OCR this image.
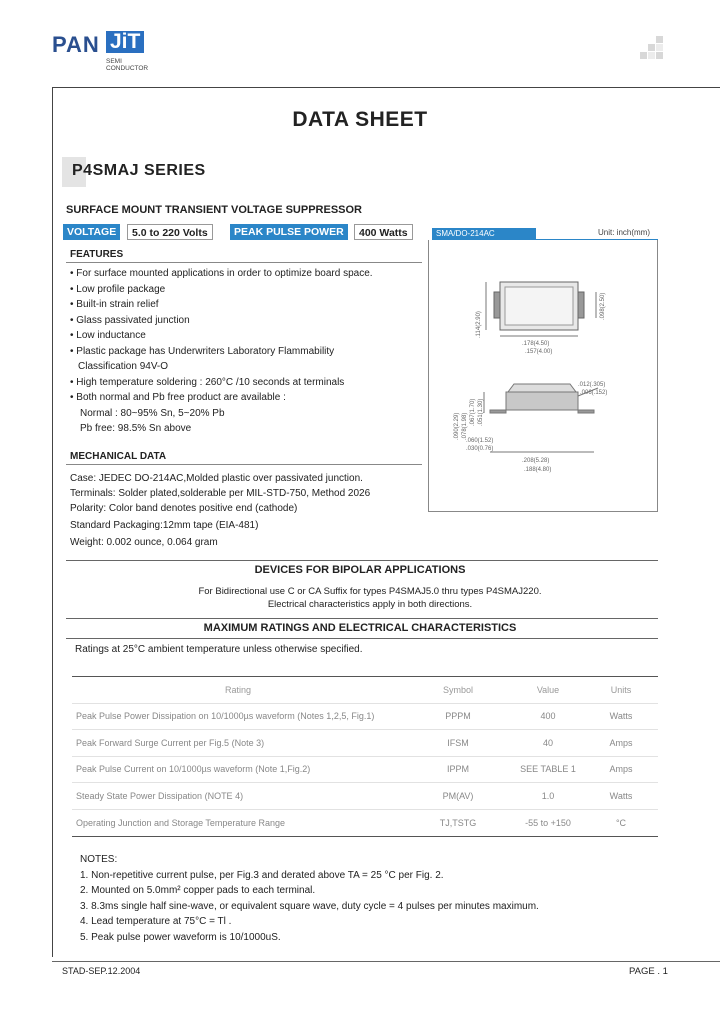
PAN JiT
SEMI
CONDUCTOR
DATA SHEET
P4SMAJ SERIES
SURFACE MOUNT TRANSIENT VOLTAGE SUPPRESSOR
VOLTAGE	5.0 to 220 Volts	PEAK PULSE POWER	400 Watts	SMA/DO-214AC	Unit: inch(mm)
.178(4.50)
.157(4.00)
.114(2.90)
.098(2.50)
.012(.305)
.006(.152)
.060(1.52)
.030(0.76)
.208(5.28)
.188(4.80)
.067(1.70) .051(1.30)
.090(2.29) .078(1.98)
FEATURES
• For surface mounted applications in order to optimize board space.
• Low profile package
• Built-in strain relief
• Glass passivated junction
• Low inductance
• Plastic package has Underwriters Laboratory Flammability
Classification 94V-O
• High temperature soldering : 260°C /10 seconds at terminals
• Both normal and Pb free product are available :
Normal : 80~95% Sn, 5~20% Pb
Pb free: 98.5% Sn above
MECHANICAL DATA
Case: JEDEC DO-214AC,Molded plastic over passivated junction.
Terminals: Solder plated,solderable per MIL-STD-750, Method 2026
Polarity: Color band denotes positive end (cathode)
Standard Packaging:12mm tape (EIA-481)
Weight: 0.002 ounce, 0.064 gram
DEVICES FOR BIPOLAR APPLICATIONS
For Bidirectional use C or CA Suffix for types P4SMAJ5.0 thru types P4SMAJ220.
Electrical characteristics apply in both directions.
MAXIMUM RATINGS AND ELECTRICAL CHARACTERISTICS
Ratings at 25°C ambient temperature unless otherwise specified.
Rating	Symbol	Value	Units
Peak Pulse Power Dissipation on 10/1000µs waveform (Notes 1,2,5, Fig.1)	PPPM	400	Watts
Peak Forward Surge Current per Fig.5 (Note 3)	IFSM	40	Amps
Peak Pulse Current on 10/1000µs waveform (Note 1,Fig.2)	IPPM	SEE TABLE 1	Amps
Steady State Power Dissipation (NOTE 4)	PM(AV)	1.0	Watts
Operating Junction and Storage Temperature Range	TJ,TSTG	-55 to +150	°C
NOTES:
1. Non-repetitive current pulse, per Fig.3 and derated above TA = 25 °C per Fig. 2.
2. Mounted on 5.0mm² copper pads to each terminal.
3. 8.3ms single half sine-wave, or equivalent square wave, duty cycle = 4 pulses per minutes maximum.
4. Lead temperature at 75°C = Tl .
5. Peak pulse power waveform is 10/1000uS.
STAD-SEP.12.2004	PAGE . 1
